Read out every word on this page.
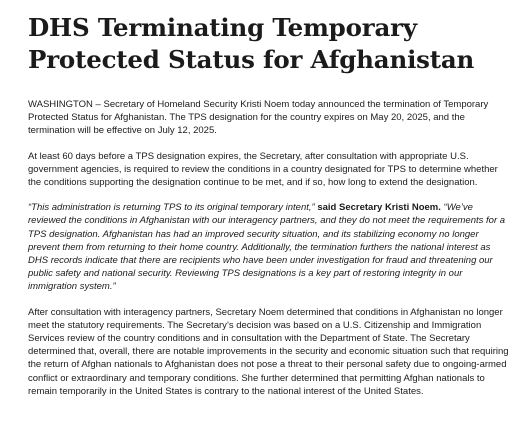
DHS Terminating Temporary Protected Status for Afghanistan

WASHINGTON – Secretary of Homeland Security Kristi Noem today announced the termination of Temporary Protected Status for Afghanistan. The TPS designation for the country expires on May 20, 2025, and the termination will be effective on July 12, 2025.

At least 60 days before a TPS designation expires, the Secretary, after consultation with appropriate U.S. government agencies, is required to review the conditions in a country designated for TPS to determine whether the conditions supporting the designation continue to be met, and if so, how long to extend the designation.

“This administration is returning TPS to its original temporary intent,” said Secretary Kristi Noem. “We’ve reviewed the conditions in Afghanistan with our interagency partners, and they do not meet the requirements for a TPS designation. Afghanistan has had an improved security situation, and its stabilizing economy no longer prevent them from returning to their home country. Additionally, the termination furthers the national interest as DHS records indicate that there are recipients who have been under investigation for fraud and threatening our public safety and national security. Reviewing TPS designations is a key part of restoring integrity in our immigration system.”

After consultation with interagency partners, Secretary Noem determined that conditions in Afghanistan no longer meet the statutory requirements. The Secretary’s decision was based on a U.S. Citizenship and Immigration Services review of the country conditions and in consultation with the Department of State. The Secretary determined that, overall, there are notable improvements in the security and economic situation such that requiring the return of Afghan nationals to Afghanistan does not pose a threat to their personal safety due to ongoing-armed conflict or extraordinary and temporary conditions. She further determined that permitting Afghan nationals to remain temporarily in the United States is contrary to the national interest of the United States.
